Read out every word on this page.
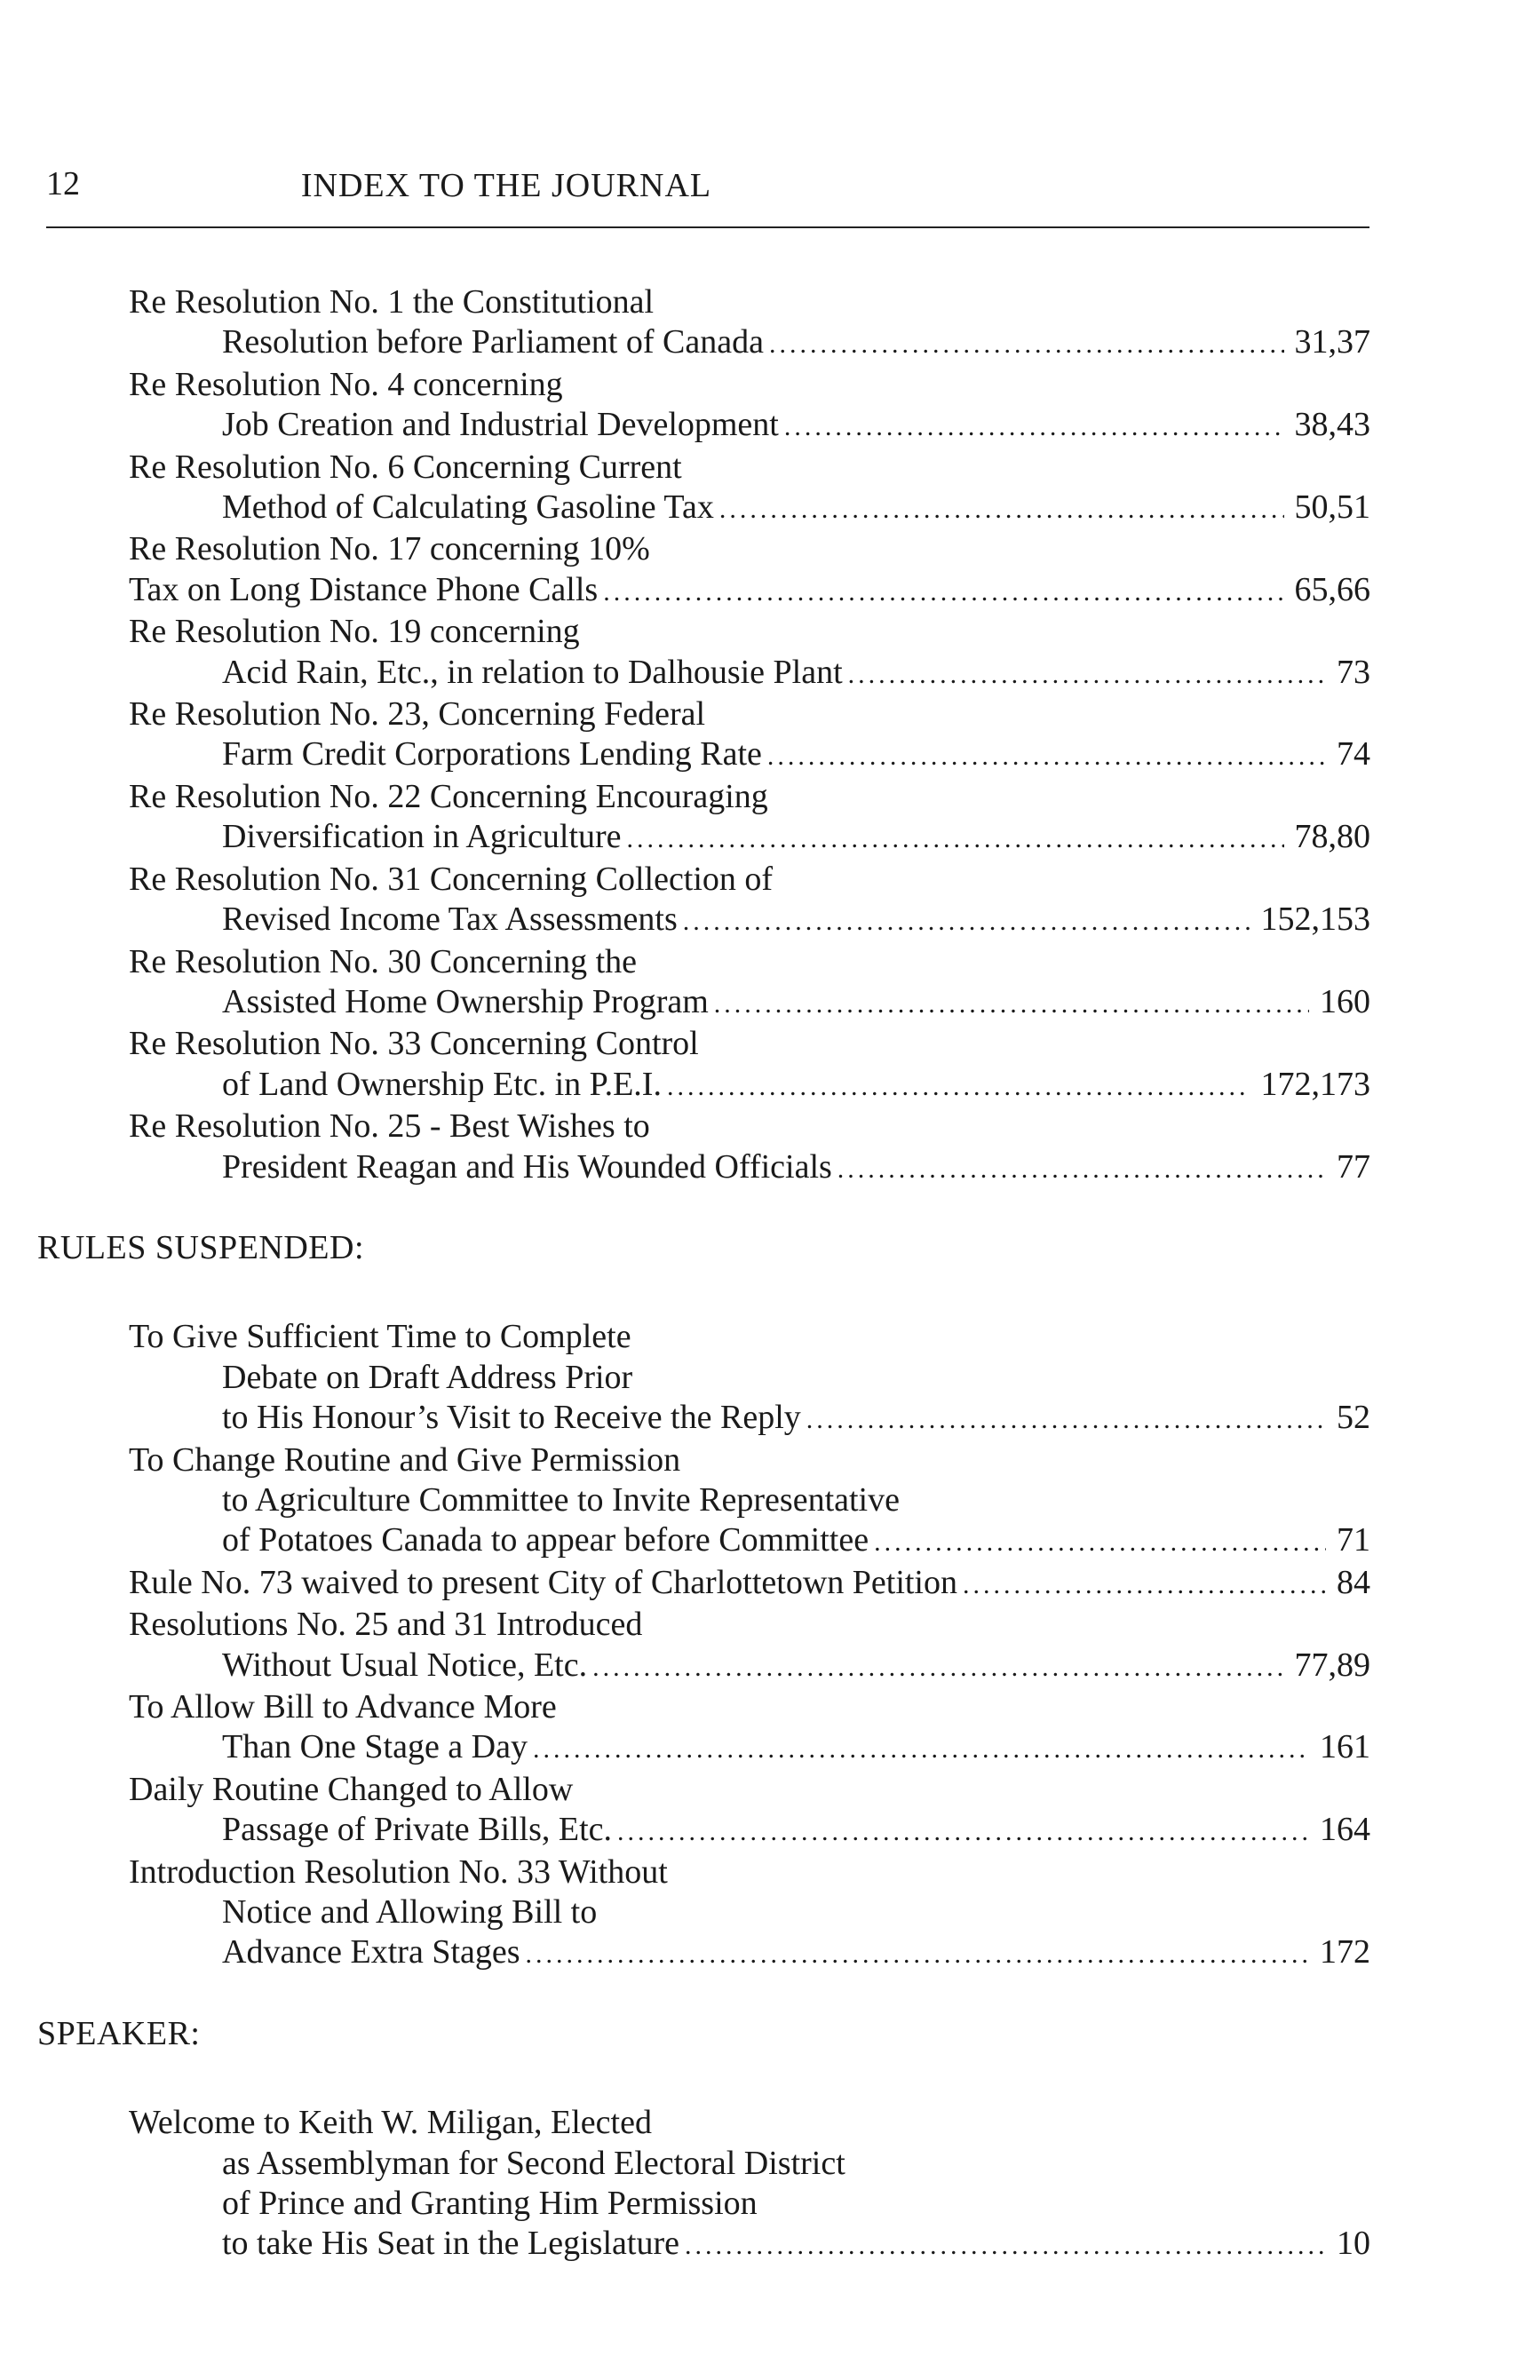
12	INDEX TO THE JOURNAL
Re Resolution No. 1 the Constitutional
Resolution before Parliament of Canada .....	31,37
Re Resolution No. 4 concerning
Job Creation and Industrial Development .....	38,43
Re Resolution No. 6 Concerning Current
Method of Calculating Gasoline Tax .....	50,51
Re Resolution No. 17 concerning 10%
Tax on Long Distance Phone Calls .....	65,66
Re Resolution No. 19 concerning
Acid Rain, Etc., in relation to Dalhousie Plant .....	73
Re Resolution No. 23, Concerning Federal
Farm Credit Corporations Lending Rate .....	74
Re Resolution No. 22 Concerning Encouraging
Diversification in Agriculture .....	78,80
Re Resolution No. 31 Concerning Collection of
Revised Income Tax Assessments .....	152,153
Re Resolution No. 30 Concerning the
Assisted Home Ownership Program .....	160
Re Resolution No. 33 Concerning Control
of Land Ownership Etc. in P.E.I. .....	172,173
Re Resolution No. 25 - Best Wishes to
President Reagan and His Wounded Officials .....	77
RULES SUSPENDED:
To Give Sufficient Time to Complete
Debate on Draft Address Prior
to His Honour’s Visit to Receive the Reply .....	52
To Change Routine and Give Permission
to Agriculture Committee to Invite Representative
of Potatoes Canada to appear before Committee .....	71
Rule No. 73 waived to present City of Charlottetown Petition .....	84
Resolutions No. 25 and 31 Introduced
Without Usual Notice, Etc. .....	77,89
To Allow Bill to Advance More
Than One Stage a Day .....	161
Daily Routine Changed to Allow
Passage of Private Bills, Etc. .....	164
Introduction Resolution No. 33 Without
Notice and Allowing Bill to
Advance Extra Stages .....	172
SPEAKER:
Welcome to Keith W. Miligan, Elected
as Assemblyman for Second Electoral District
of Prince and Granting Him Permission
to take His Seat in the Legislature .....	10
